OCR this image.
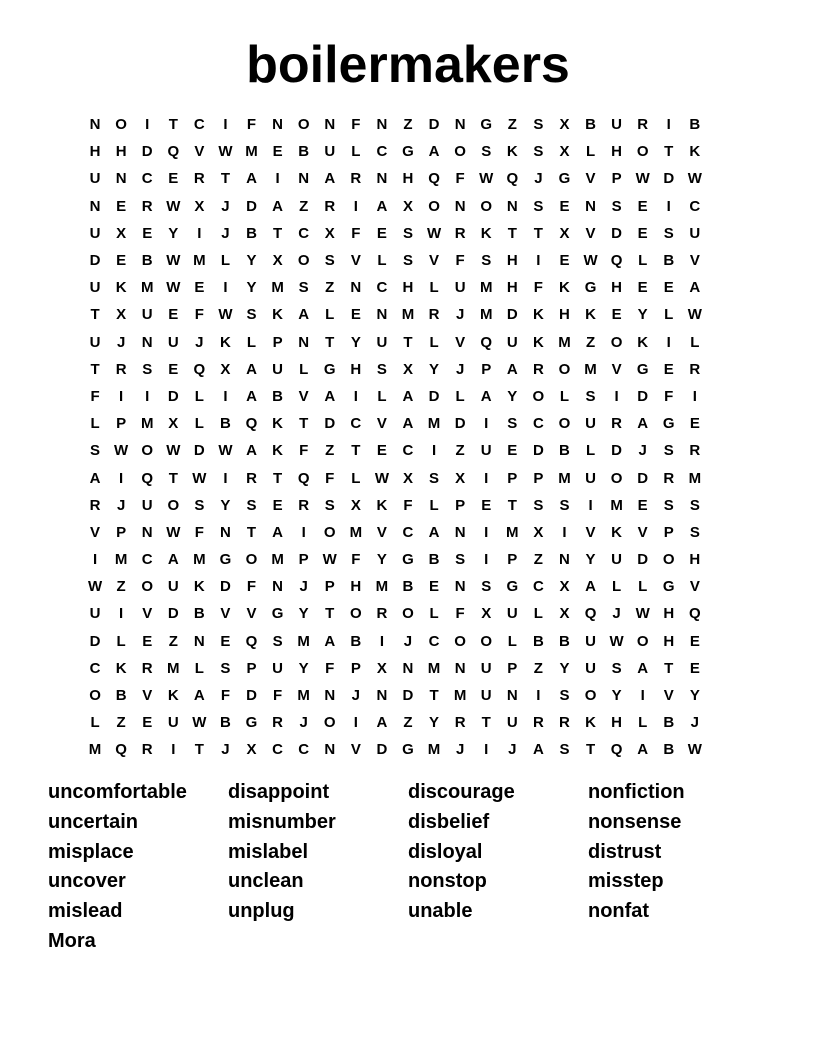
boilermakers
N O	I	T	C	I	F	N O N	F	N	Z	D	N G	Z	S	X	B	U	R	I	B
H	H	D Q	V W M E	B	U	L	C G A O	S	K	S	X	L	H O	T	K
U	N	C	E	R	T	A	I	N	A	R	N	H Q	F W Q	J	G	V	P W D W
N	E	R W X	J	D	A	Z	R	I	A	X	O N O N	S	E	N	S	E	I	C
U	X	E	Y	I	J	B	T	C	X	F	E	S W R	K	T	T	X	V	D	E	S	U
D	E	B W M	L	Y	X	O	S	V	L	S	V	F	S	H	I	E W Q	L	B	V
U	K M W E	I	Y M S	Z	N	C	H	L	U M H	F	K G H	E	E	A
T	X	U	E	F W S	K	A	L	E	N M R	J	M D	K	H	K	E	Y	L W
U	J	N	U	J	K	L	P	N	T	Y	U	T	L	V	Q U	K M	Z	O K	I	L
T	R	S	E	Q	X	A	U	L	G H	S	X	Y	J	P	A	R O M V	G	E	R
F	I	I	D	L	I	A	B	V	A	I	L	A	D	L	A	Y	O	L	S	I	D	F	I
L	P M X	L	B Q K	T	D	C	V	A M D	I	S	C O U	R	A G	E
S W O W D W A	K	F	Z	T	E	C	I	Z	U	E	D	B	L	D	J	S	R
A	I	Q	T W	I	R	T	Q	F	L W X	S	X	I	P	P M U O D	R M
R	J	U O	S	Y	S	E	R	S	X	K	F	L	P	E	T	S	S	I	M E	S	S
V	P	N W F	N	T	A	I	O M V	C	A	N	I	M X	I	V	K	V	P	S
I	M C	A M G O M P W F	Y	G B	S	I	P	Z	N	Y	U	D O H
W Z	O U	K	D	F	N	J	P	H M B	E	N	S	G C	X	A	L	L	G	V
U	I	V	D	B	V	V	G	Y	T	O R O	L	F	X	U	L	X	Q	J W H Q
D	L	E	Z	N	E	Q	S M A	B	I	J	C O O	L	B	B	U W O H	E
C	K	R M	L	S	P	U	Y	F	P	X	N M N	U	P	Z	Y	U	S	A	T	E
O B	V	K	A	F	D	F	M N	J	N	D	T	M U	N	I	S	O	Y	I	V	Y
L	Z	E	U W B G R	J	O	I	A	Z	Y	R	T	U	R	R	K	H	L	B	J
M Q R	I	T	J	X	C	C	N	V	D G M	J	I	J	A	S	T	Q A	B W
uncomfortable	disappoint	discourage	nonfiction
uncertain	misnumber	disbelief	nonsense
misplace	mislabel	disloyal	distrust
uncover	unclean	nonstop	misstep
mislead	unplug	unable	nonfat
Mora
